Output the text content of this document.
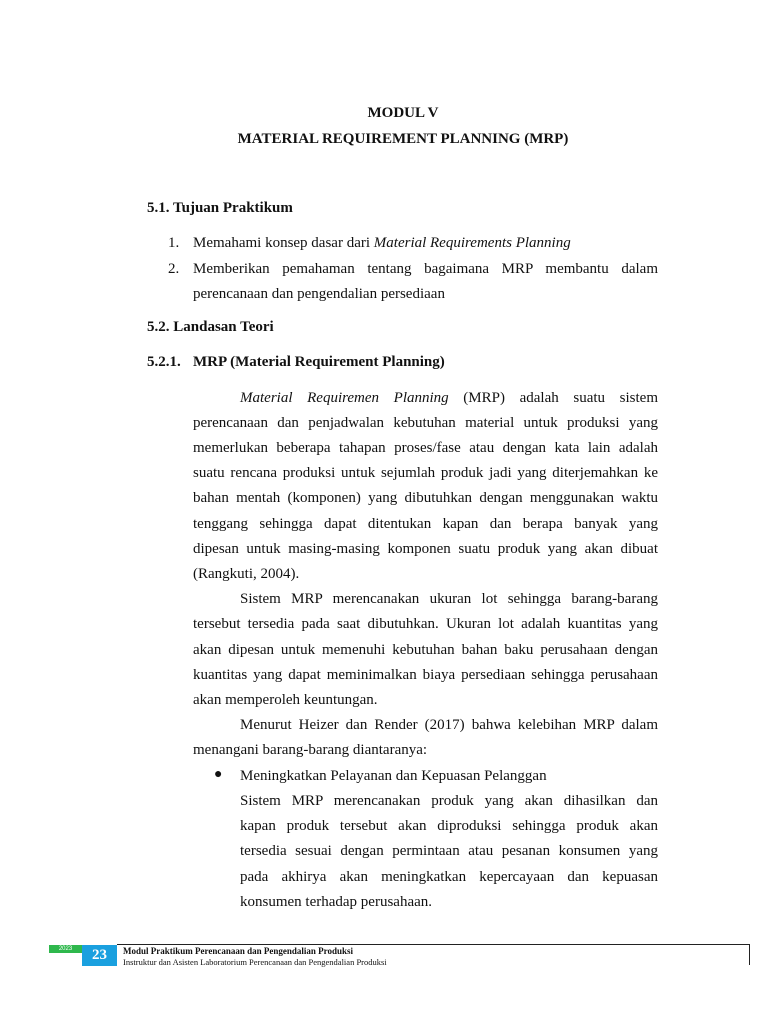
MODUL V
MATERIAL REQUIREMENT PLANNING (MRP)
5.1. Tujuan Praktikum
1. Memahami konsep dasar dari Material Requirements Planning
2. Memberikan pemahaman tentang bagaimana MRP membantu dalam
perencanaan dan pengendalian persediaan
5.2. Landasan Teori
5.2.1. MRP (Material Requirement Planning)
Material Requiremen Planning (MRP) adalah suatu sistem
perencanaan dan penjadwalan kebutuhan material untuk produksi yang
memerlukan beberapa tahapan proses/fase atau dengan kata lain adalah
suatu rencana produksi untuk sejumlah produk jadi yang diterjemahkan ke
bahan mentah (komponen) yang dibutuhkan dengan menggunakan waktu
tenggang sehingga dapat ditentukan kapan dan berapa banyak yang
dipesan untuk masing-masing komponen suatu produk yang akan dibuat
(Rangkuti, 2004).
Sistem MRP merencanakan ukuran lot sehingga barang-barang
tersebut tersedia pada saat dibutuhkan. Ukuran lot adalah kuantitas yang
akan dipesan untuk memenuhi kebutuhan bahan baku perusahaan dengan
kuantitas yang dapat meminimalkan biaya persediaan sehingga perusahaan
akan memperoleh keuntungan.
Menurut Heizer dan Render (2017) bahwa kelebihan MRP dalam
menangani barang-barang diantaranya:
● Meningkatkan Pelayanan dan Kepuasan Pelanggan
Sistem MRP merencanakan produk yang akan dihasilkan dan
kapan produk tersebut akan diproduksi sehingga produk akan
tersedia sesuai dengan permintaan atau pesanan konsumen yang
pada akhirya akan meningkatkan kepercayaan dan kepuasan
konsumen terhadap perusahaan.
2023	23	Modul Praktikum Perencanaan dan Pengendalian Produksi
Instruktur dan Asisten Laboratorium Perencanaan dan Pengendalian Produksi
